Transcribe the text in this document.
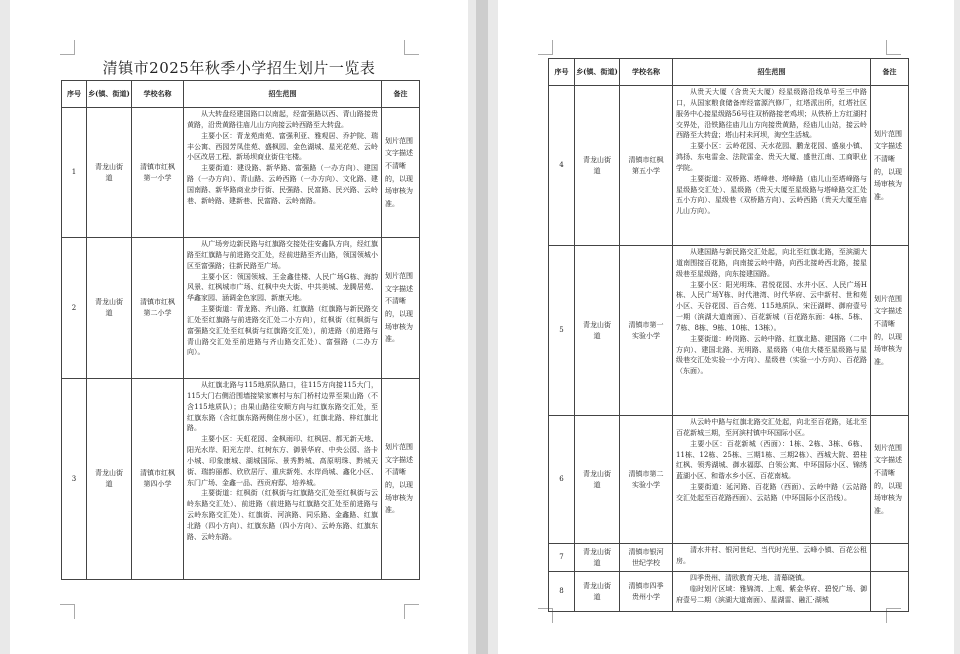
清镇市2025年秋季小学招生划片一览表
序号	乡(镇、街道)	学校名称	招生范围	备注
1	青龙山街道	清镇市红枫第一小学	从大转盘经建国路口以南起，经富强路以西、青山路接贵黄路，沿贵黄路往庙儿山方向接云岭西路至大转盘。

主要小区：青龙苑南苑、富强利亚、雅观居、乔护院、瑞丰公寓、西园芳凤佳苑、盛枫园、金色湖城、星光花苑、云岭小区改居工程、新场坝商业街住宅楼。

主要街道：建设路、新华路、富强路（一办方向）、建国路（一办方向）、青山路、云岭西路（一办方向）、文化路、建国南路、新华路商业步行街、民强路、民富路、民兴路、云岭巷、新岭路、建新巷、民富路、云岭南路。	划片范围文字描述不清晰的，以现场审核为准。
2	青龙山街道	清镇市红枫第二小学	从广场旁边新民路与红旗路交接处往安鑫队方向，经红旗路至红旗路与前进路交汇处，经前进路至齐山路，领国领城小区至富强路；往新民路至广场。

主要小区：领国领城、王金鑫佳楼、人民广场G栋、海韵风景、红枫城市广场、红枫中央大街、中共美城、龙腾居苑、华鑫家园、涵调金色家园、新康天地。

主要街道：青龙路、齐山路、红旗路（红旗路与新民路交汇处至红旗路与前进路交汇处二小方向），红枫街（红枫街与富强路交汇处至红枫街与红旗路交汇处），前进路（前进路与青山路交汇处至前进路与齐山路交汇处）、富强路（二办方向）。	划片范围文字描述不清晰的，以现场审核为准。
3	青龙山街道	清镇市红枫第四小学	从红旗北路与115地质队路口，往115方向接115大门，115大门右侧沿围墙接梁家寨村与东门桥村边界至果山路（不含115地质队）；由果山路往安顺方向与红旗东路交汇处，至红旗东路（含红旗东路两侧住房小区），红旗北路、梓红旗北路。

主要小区：天虹花园、金枫雨印、红枫居、都无新天地、阳光水岸、阳光左岸、红树东方、御景华府、中央公园、洛卡小城、印象康城、湖城国际、景秀黔城、高原明珠、黔城天街、瑞韵丽都、欣欣居厅、重庆新苑、水岸尚城、鑫化小区、东门广场、金鑫一品、西贡府邸、培养城。

主要街道：红枫街（红枫街与红旗路交汇处至红枫街与云岭东路交汇处）、前进路（前进路与红旗路交汇处至前进路与云岭东路交汇处）、红旗街、河滨路、同乐路、金鑫路、红旗北路（四小方向）、红旗东路（四小方向）、云岭东路、红旗东路、云岭东路。	划片范围文字描述不清晰的，以现场审核为准。
序号	乡(镇、街道)	学校名称	招生范围	备注
4	青龙山街道	清镇市红枫第五小学	从贵天大厦（含贵天大厦）经星级路沿线单号至三中路口，从国家粮食储备库经富源汽修厂，红塔派出所，红塔社区服务中心接星级路56号往双桥路接老鸡坝；从铁桥上方红湖村交界处，沿铁路往庙儿山方向接贵黄路，经庙儿山站，接云岭西路至大转盘；塔山村未河坝，淘空生活城。

主要小区：云岭花园、天水花园、鹏龙花园、盛泉小镇、鸿扬、东电雷金、法院雷金、贵天大厦、盛世江南、工商职业学院。

主要街道：双桥路、塔峰巷、塔峰路（庙儿山至塔峰路与星级路交汇处）、星级路（贵天大厦至星级路与塔峰路交汇处五小方向）、星级巷（双桥路方向）、云岭西路（贵天大厦至庙儿山方向）。	划片范围文字描述不清晰的，以现场审核为准。
5	青龙山街道	清镇市第一实验小学	从建国路与新民路交汇处起，向北至红旗北路，至滨湖大道南围接百花路，向南接云岭中路，向西北接岭西北路，接星级巷至星级路，向东接建国路。

主要小区：阳光明珠、君悦花园、水井小区、人民广场H栋、人民广场Y栋、时代港湾、时代华府、云中新村、世和苑小区、天谷花园、百合苑、115地质队、宋汪湖畔、御府壹号一期（滨湖大道南面）、百花新城（百花路东面：4栋、5栋、7栋、8栋、9栋、10栋、13栋）。

主要街道：岭岗路、云岭中路、红旗北路、建国路（二中方向）、建国北路、光明路、星级路（电信大楼至星级路与星级巷交汇处实验一小方向）、星级巷（实验一小方向）、百花路（东面）。	划片范围文字描述不清晰的，以现场审核为准。
6	青龙山街道	清镇市第二实验小学	从云岭中路与红旗北路交汇处起，向北至百花路，延北至百花新城三期，至河滨村镇中环国际小区。

主要小区：百花新城（西面）：1栋、2栋、3栋、6栋、11栋、12栋、25栋、三期1栋、三期2栋）、西城大院、碧桂红枫、领秀湖城、御水福邸、白领公寓、中环国际小区、锦绣蓝湖小区、和谐水乡小区、百花南城。

主要街道：延河路、百花路（西面）、云岭中路（云站路交汇处起至百花路西面）、云站路（中环国际小区沿线）。	划片范围文字描述不清晰的，以现场审核为准。
7	青龙山街道	清镇市银河世纪学校	清水井村、银河世纪、当代时光里、云峰小镇、百花公租房。	

8	青龙山街道	清镇市四季贵州小学	四季贵州、清欧教育天地、清幕晓镇。

临时划片区域：雅锦湾、上观、紫金华府、碧悦广场、御府壹号二期（滨湖大道南面）、星湖雷、融汇·湖城	
